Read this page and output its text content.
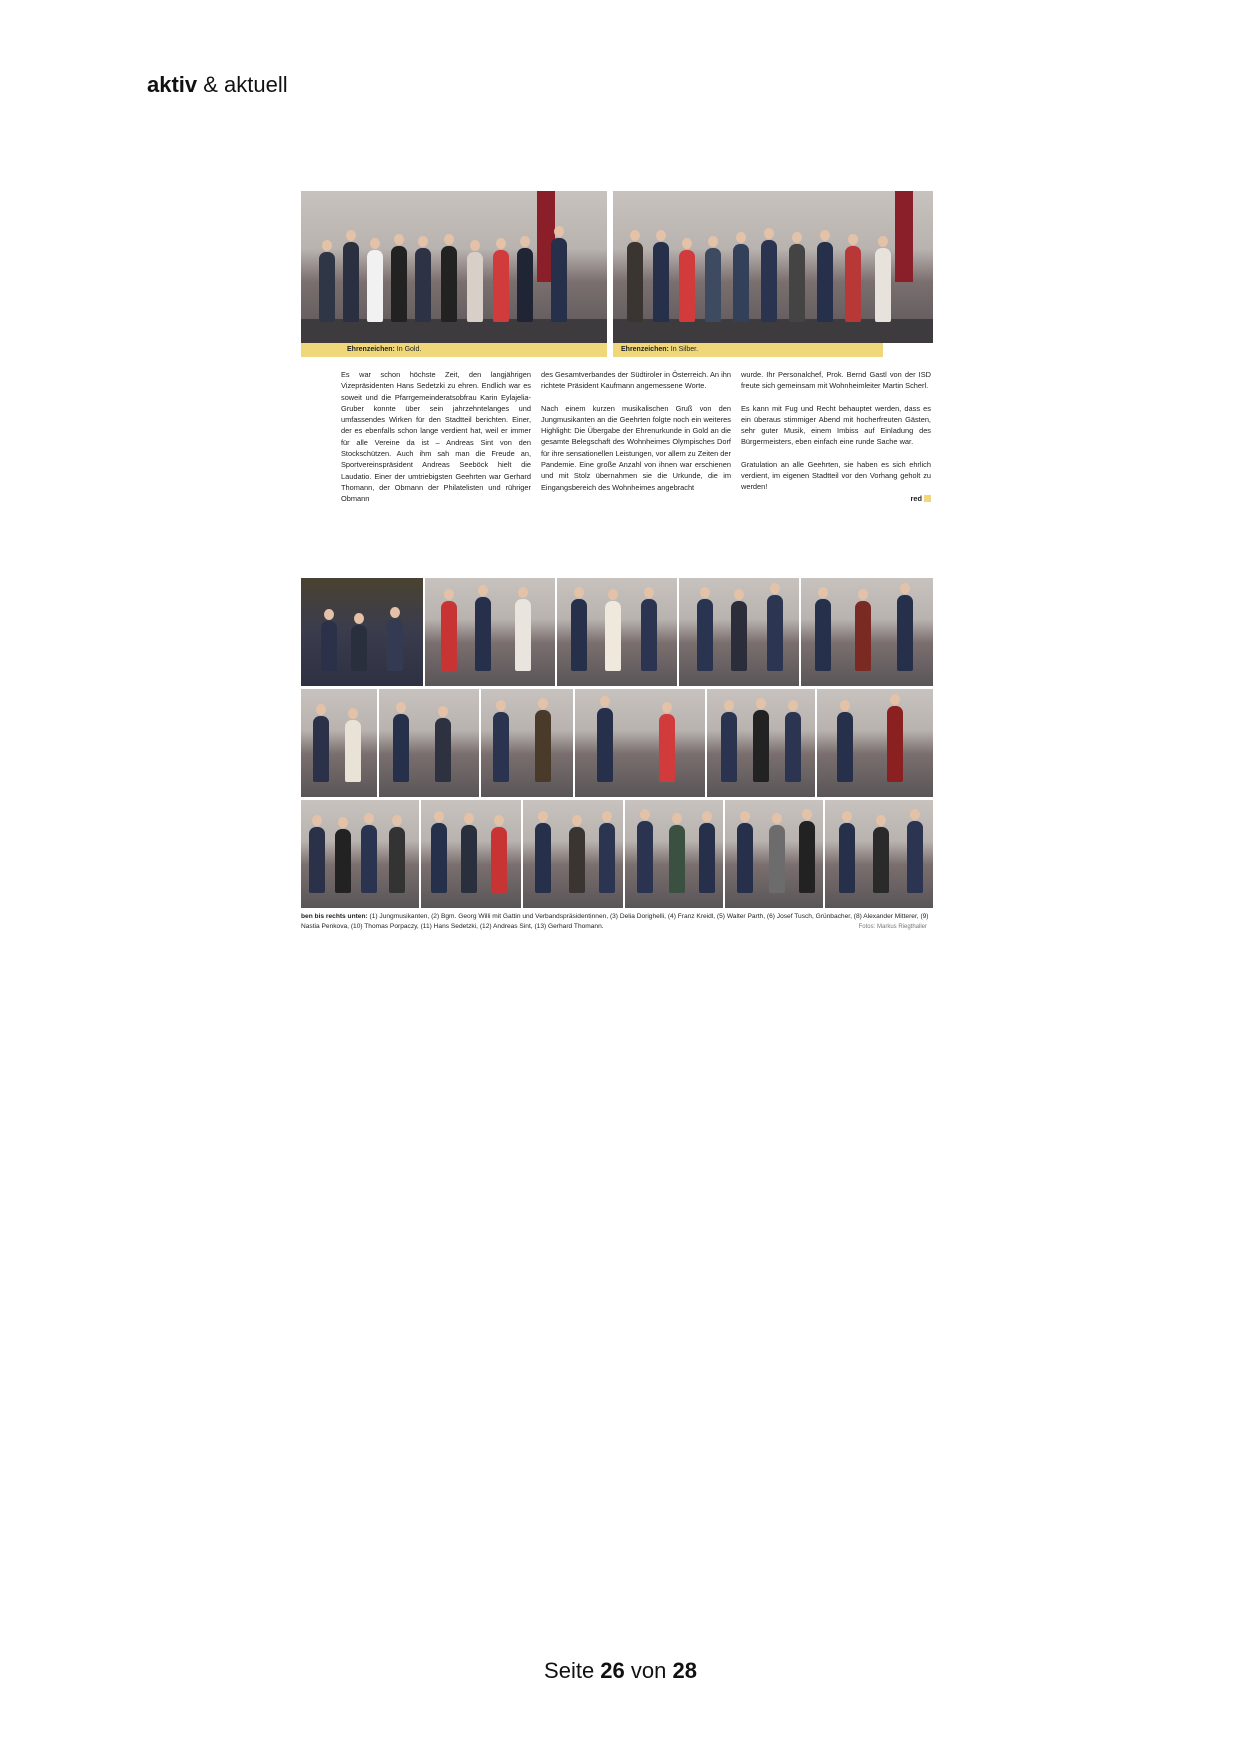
aktiv & aktuell
Ehrenzeichen: In Gold.	Ehrenzeichen: In Silber.

Es war schon höchste Zeit, den langjährigen Vizepräsidenten Hans Sedetzki zu ehren. Endlich war es soweit und die Pfarrgemeinderatsobfrau Karin Eylajelia-Gruber konnte über sein jahrzehntelanges und umfassendes Wirken für den Stadtteil berichten. Einer, der es ebenfalls schon lange verdient hat, weil er immer für alle Vereine da ist – Andreas Sint von den Stockschützen. Auch ihm sah man die Freude an, Sportvereinspräsident Andreas Seeböck hielt die Laudatio. Einer der umtriebigsten Geehrten war Gerhard Thomann, der Obmann der Philatelisten und rühriger Obmann

des Gesamtverbandes der Südtiroler in Österreich. An ihn richtete Präsident Kaufmann angemessene Worte.

Nach einem kurzen musikalischen Gruß von den Jungmusikanten an die Geehrten folgte noch ein weiteres Highlight: Die Übergabe der Ehrenurkunde in Gold an die gesamte Belegschaft des Wohnheimes Olympisches Dorf für ihre sensationellen Leistungen, vor allem zu Zeiten der Pandemie. Eine große Anzahl von ihnen war erschienen und mit Stolz übernahmen sie die Urkunde, die im Eingangsbereich des Wohnheimes angebracht

wurde. Ihr Personalchef, Prok. Bernd Gastl von der ISD freute sich gemeinsam mit Wohnheimleiter Martin Scherl.

Es kann mit Fug und Recht behauptet werden, dass es ein überaus stimmiger Abend mit hocherfreuten Gästen, sehr guter Musik, einem Imbiss auf Einladung des Bürgermeisters, eben einfach eine runde Sache war.

Gratulation an alle Geehrten, sie haben es sich ehrlich verdient, im eigenen Stadtteil vor den Vorhang geholt zu werden!

red
ben bis rechts unten: (1) Jungmusikanten, (2) Bgm. Georg Willi mit Gattin und Verbandspräsidentinnen, (3) Delia Dorighelli, (4) Franz Kreidl, (5) Walter Parth, (6) Josef Tusch, Grünbacher, (8) Alexander Mitterer, (9) Nastia Penkova, (10) Thomas Porpaczy, (11) Hans Sedetzki, (12) Andreas Sint, (13) Gerhard Thomann.	Fotos: Markus Riegthaller
Seite 26 von 28
